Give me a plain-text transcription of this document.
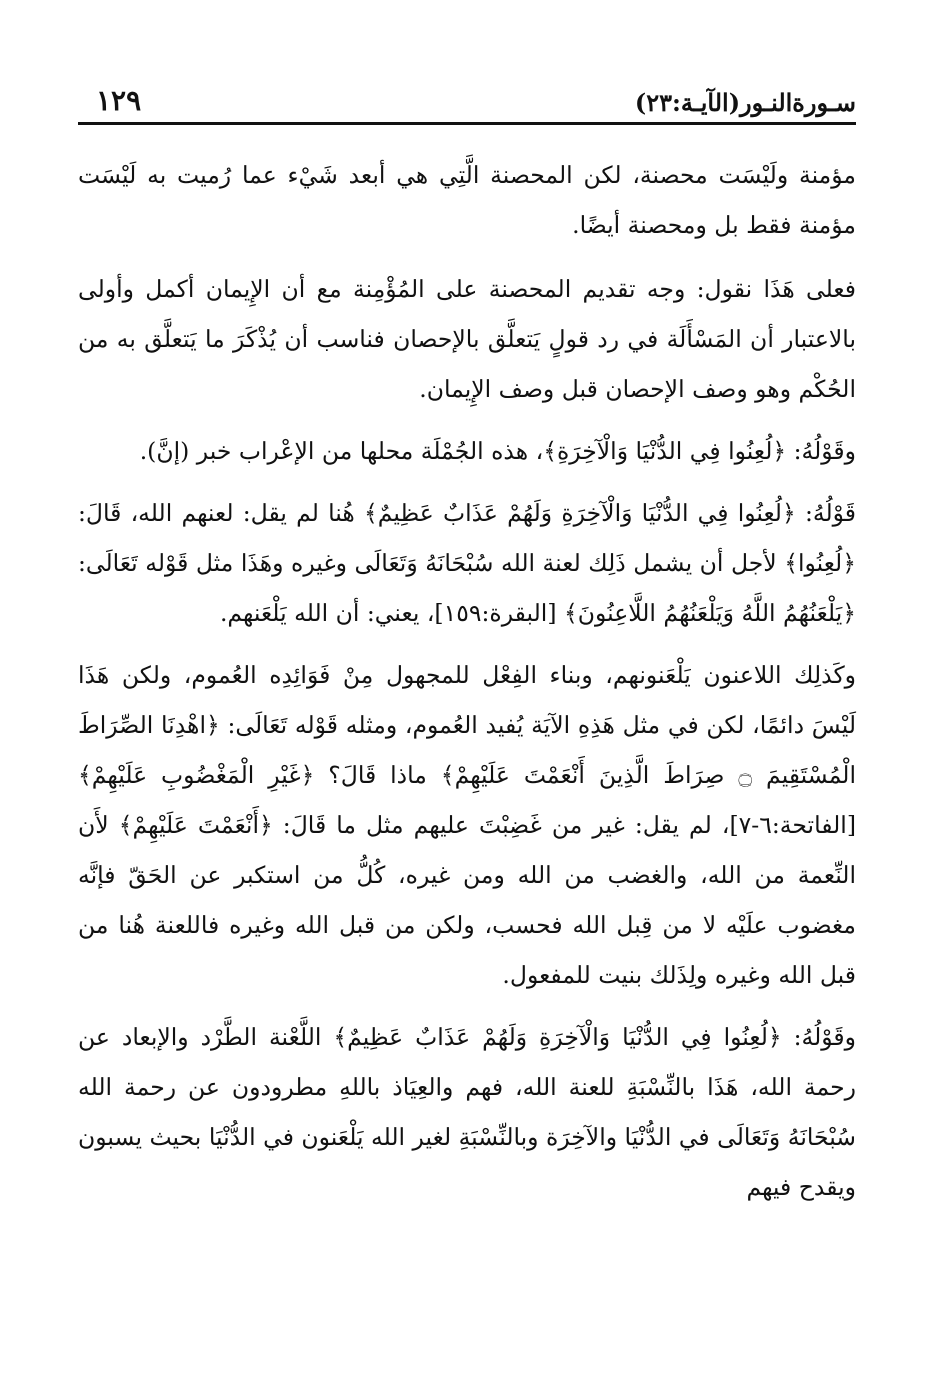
سـورةالنـور(الآيـة:٢٣)
١٢٩

مؤمنة ولَيْسَت محصنة، لكن المحصنة الَّتِي هي أبعد شَيْء عما رُميت به لَيْسَت مؤمنة فقط بل ومحصنة أيضًا.

فعلى هَذَا نقول: وجه تقديم المحصنة على المُؤْمِنة مع أن الإِيمان أكمل وأولى بالاعتبار أن المَسْأَلَة في رد قولٍ يَتعلَّق بالإحصان فناسب أن يُذْكَرَ ما يَتعلَّق به من الحُكْم وهو وصف الإحصان قبل وصف الإِيمان.

وقَوْلُهُ: ﴿لُعِنُوا فِي الدُّنْيَا وَالْآخِرَةِ﴾، هذه الجُمْلَة محلها من الإعْراب خبر (إنَّ).

قَوْلُهُ: ﴿لُعِنُوا فِي الدُّنْيَا وَالْآخِرَةِ وَلَهُمْ عَذَابٌ عَظِيمٌ﴾ هُنا لم يقل: لعنهم الله، قَالَ: ﴿لُعِنُوا﴾ لأجل أن يشمل ذَلِك لعنة الله سُبْحَانَهُ وَتَعَالَى وغيره وهَذَا مثل قَوْله تَعَالَى: ﴿يَلْعَنُهُمُ اللَّهُ وَيَلْعَنُهُمُ اللَّاعِنُونَ﴾ [البقرة:١٥٩]، يعني: أن الله يَلْعَنهم.

وكَذلِك اللاعنون يَلْعَنونهم، وبناء الفِعْل للمجهول مِنْ فَوَائِدِه العُموم، ولكن هَذَا لَيْسَ دائمًا، لكن في مثل هَذِهِ الآيَة يُفيد العُموم، ومثله قَوْله تَعَالَى: ﴿اهْدِنَا الصِّرَاطَ الْمُسْتَقِيمَ ۝ صِرَاطَ الَّذِينَ أَنْعَمْتَ عَلَيْهِمْ﴾ ماذا قَالَ؟ ﴿غَيْرِ الْمَغْضُوبِ عَلَيْهِمْ﴾ [الفاتحة:٦-٧]، لم يقل: غير من غَضِبْتَ عليهم مثل ما قَالَ: ﴿أَنْعَمْتَ عَلَيْهِمْ﴾ لأَن النِّعمة من الله، والغضب من الله ومن غيره، كُلُّ من استكبر عن الحَقّ فإنَّه مغضوب علَيْه لا من قِبل الله فحسب، ولكن من قبل الله وغيره فاللعنة هُنا من قبل الله وغيره ولِذَلك بنيت للمفعول.

وقَوْلُهُ: ﴿لُعِنُوا فِي الدُّنْيَا وَالْآخِرَةِ وَلَهُمْ عَذَابٌ عَظِيمٌ﴾ اللَّعْنة الطَّرْد والإبعاد عن رحمة الله، هَذَا بالنِّسْبَةِ للعنة الله، فهم والعِيَاذ باللهِ مطرودون عن رحمة الله سُبْحَانَهُ وَتَعَالَى في الدُّنْيَا والآخِرَة وبالنِّسْبَةِ لغير الله يَلْعَنون في الدُّنْيَا بحيث يسبون ويقدح فيهم
